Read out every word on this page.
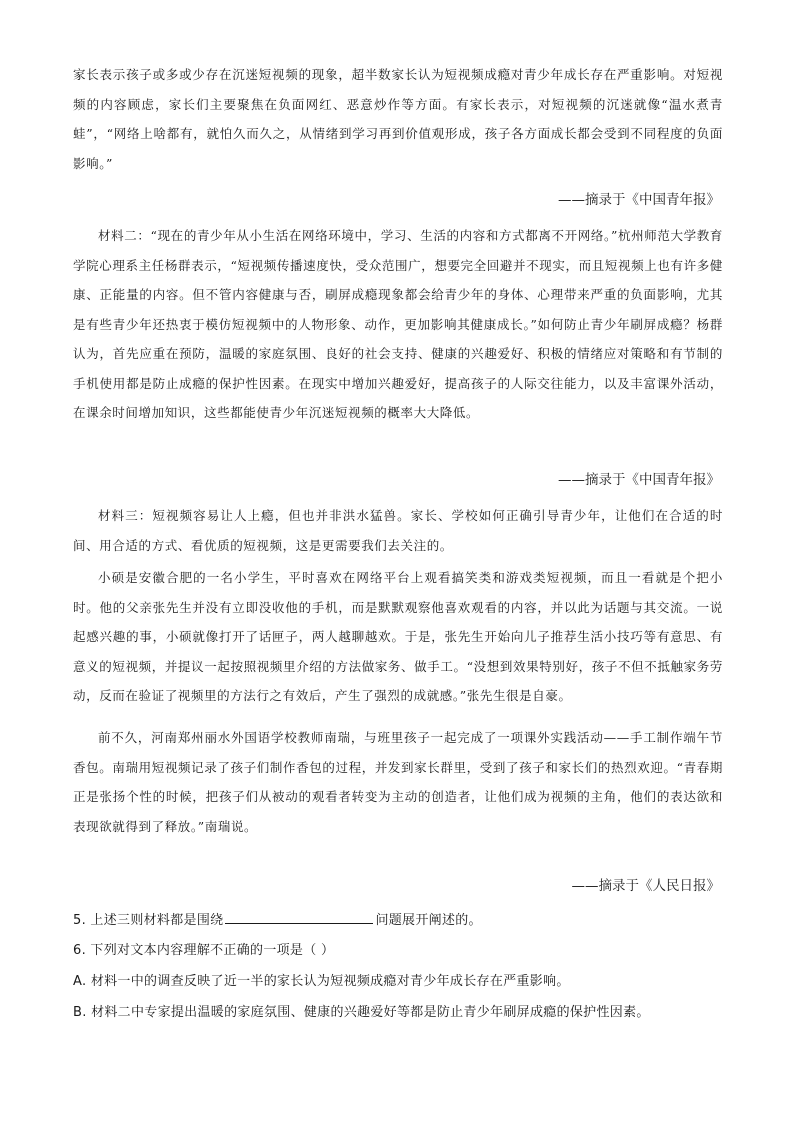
家长表示孩子或多或少存在沉迷短视频的现象，超半数家长认为短视频成瘾对青少年成长存在严重影响。对短视频的内容顾虑，家长们主要聚焦在负面网红、恶意炒作等方面。有家长表示，对短视频的沉迷就像“温水煮青蛙”，“网络上啥都有，就怕久而久之，从情绪到学习再到价值观形成，孩子各方面成长都会受到不同程度的负面影响。”

——摘录于《中国青年报》

材料二：“现在的青少年从小生活在网络环境中，学习、生活的内容和方式都离不开网络。”杭州师范大学教育学院心理系主任杨群表示，“短视频传播速度快，受众范围广，想要完全回避并不现实，而且短视频上也有许多健康、正能量的内容。但不管内容健康与否，刷屏成瘾现象都会给青少年的身体、心理带来严重的负面影响，尤其是有些青少年还热衷于模仿短视频中的人物形象、动作，更加影响其健康成长。”如何防止青少年刷屏成瘾？杨群认为，首先应重在预防，温暖的家庭氛围、良好的社会支持、健康的兴趣爱好、积极的情绪应对策略和有节制的手机使用都是防止成瘾的保护性因素。在现实中增加兴趣爱好，提高孩子的人际交往能力，以及丰富课外活动，在课余时间增加知识，这些都能使青少年沉迷短视频的概率大大降低。

——摘录于《中国青年报》

材料三：短视频容易让人上瘾，但也并非洪水猛兽。家长、学校如何正确引导青少年，让他们在合适的时间、用合适的方式、看优质的短视频，这是更需要我们去关注的。

小硕是安徽合肥的一名小学生，平时喜欢在网络平台上观看搞笑类和游戏类短视频，而且一看就是个把小时。他的父亲张先生并没有立即没收他的手机，而是默默观察他喜欢观看的内容，并以此为话题与其交流。一说起感兴趣的事，小硕就像打开了话匣子，两人越聊越欢。于是，张先生开始向儿子推荐生活小技巧等有意思、有意义的短视频，并提议一起按照视频里介绍的方法做家务、做手工。“没想到效果特别好，孩子不但不抵触家务劳动，反而在验证了视频里的方法行之有效后，产生了强烈的成就感。”张先生很是自豪。

前不久，河南郑州丽水外国语学校教师南瑞，与班里孩子一起完成了一项课外实践活动——手工制作端午节香包。南瑞用短视频记录了孩子们制作香包的过程，并发到家长群里，受到了孩子和家长们的热烈欢迎。“青春期正是张扬个性的时候，把孩子们从被动的观看者转变为主动的创造者，让他们成为视频的主角，他们的表达欲和表现欲就得到了释放。”南瑞说。

——摘录于《人民日报》

5. 上述三则材料都是围绕	问题展开阐述的。

6. 下列对文本内容理解不正确的一项是（ ）

A. 材料一中的调查反映了近一半的家长认为短视频成瘾对青少年成长存在严重影响。

B. 材料二中专家提出温暖的家庭氛围、健康的兴趣爱好等都是防止青少年刷屏成瘾的保护性因素。
